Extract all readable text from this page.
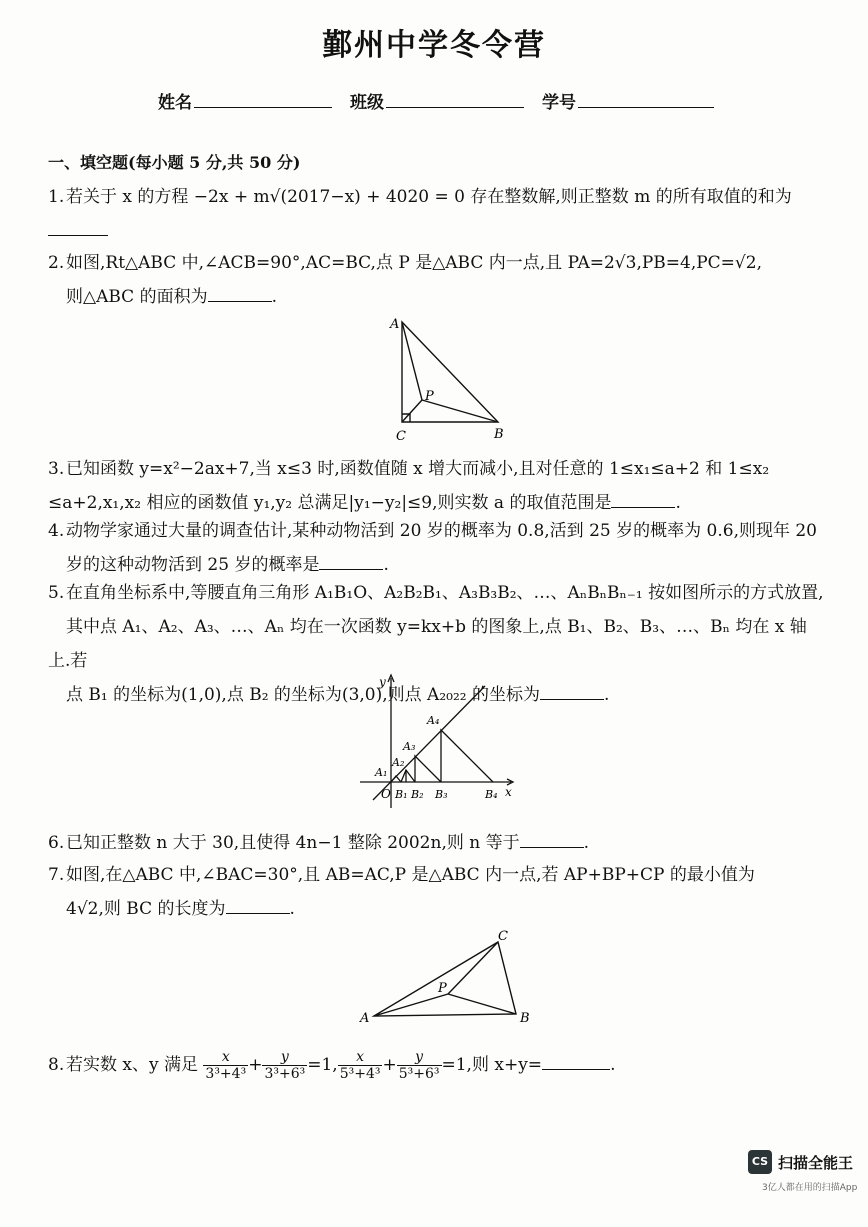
鄞州中学冬令营
姓名	班级	学号
一、填空题(每小题 5 分,共 50 分)
1. 若关于 x 的方程 −2x + m√(2017−x) + 4020 = 0 存在整数解,则正整数 m 的所有取值的和为

2. 如图,Rt△ABC 中,∠ACB=90°,AC=BC,点 P 是△ABC 内一点,且 PA=2√3,PB=4,PC=√2,
则△ABC 的面积为	.
A
C	B
P
3. 已知函数 y=x²−2ax+7,当 x≤3 时,函数值随 x 增大而减小,且对任意的 1≤x₁≤a+2 和 1≤x₂
≤a+2,x₁,x₂ 相应的函数值 y₁,y₂ 总满足|y₁−y₂|≤9,则实数 a 的取值范围是	.
4. 动物学家通过大量的调查估计,某种动物活到 20 岁的概率为 0.8,活到 25 岁的概率为 0.6,则现年 20
岁的这种动物活到 25 岁的概率是	.
5. 在直角坐标系中,等腰直角三角形 A₁B₁O、A₂B₂B₁、A₃B₃B₂、…、AₙBₙBₙ₋₁ 按如图所示的方式放置,
其中点 A₁、A₂、A₃、…、Aₙ 均在一次函数 y=kx+b 的图象上,点 B₁、B₂、B₃、…、Bₙ 均在 x 轴上.若
点 B₁ 的坐标为(1,0),点 B₂ 的坐标为(3,0),则点 A₂₀₂₂ 的坐标为	.
y
x
O
A₁
A₂
A₃
A₄
B₁ B₂ B₃	B₄
6. 已知正整数 n 大于 30,且使得 4n−1 整除 2002n,则 n 等于	.
7. 如图,在△ABC 中,∠BAC=30°,且 AB=AC,P 是△ABC 内一点,若 AP+BP+CP 的最小值为
4√2,则 BC 的长度为	.
A
C
B
P
8. 若实数 x、y 满足 $\frac{x}{\text{3³+4³}} + \frac{y}{\text{3³+6³}} =1$, $\frac{x}{\text{5³+4³}} + \frac{y}{\text{5³+6³}} =1$,则 x+y=	.
CS 扫描全能王
3亿人都在用的扫描App
